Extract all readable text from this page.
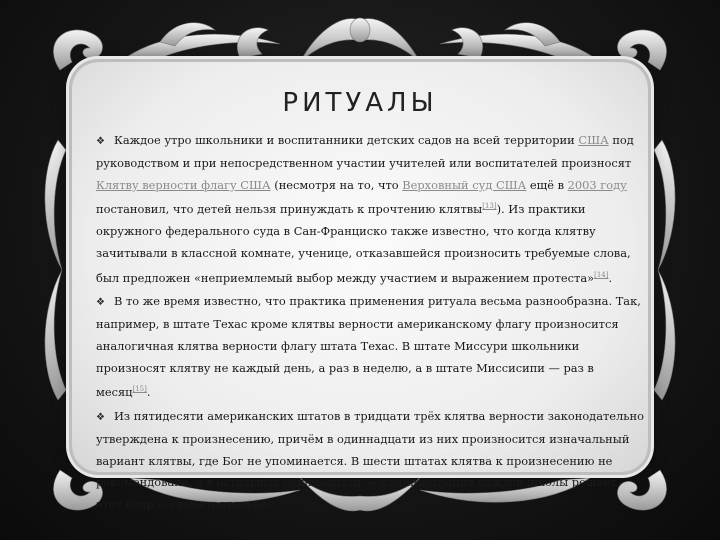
РИТУАЛЫ

❖ Каждое утро школьники и воспитанники детских садов на всей территории США под руководством и при непосредственном участии учителей или воспитателей произносят Клятву верности флагу США (несмотря на то, что Верховный суд США ещё в 2003 году постановил, что детей нельзя принуждать к прочтению клятвы[13]). Из практики окружного федерального суда в Сан-Франциско также известно, что когда клятву зачитывали в классной комнате, ученице, отказавшейся произносить требуемые слова, был предложен «неприемлемый выбор между участием и выражением протеста»[14].

❖ В то же время известно, что практика применения ритуала весьма разнообразна. Так, например, в штате Техас кроме клятвы верности американскому флагу произносится аналогичная клятва верности флагу штата Техас. В штате Миссури школьники произносят клятву не каждый день, а раз в неделю, а в штате Миссисипи — раз в месяц[15].

❖ Из пятидесяти американских штатов в тридцати трёх клятва верности законодательно утверждена к произнесению, причём в одиннадцати из них произносится изначальный вариант клятвы, где Бог не упоминается. В шести штатах клятва к произнесению не рекомендована, а в остальных одиннадцати — администрация каждой школы решает этот вопрос самостоятельно.
